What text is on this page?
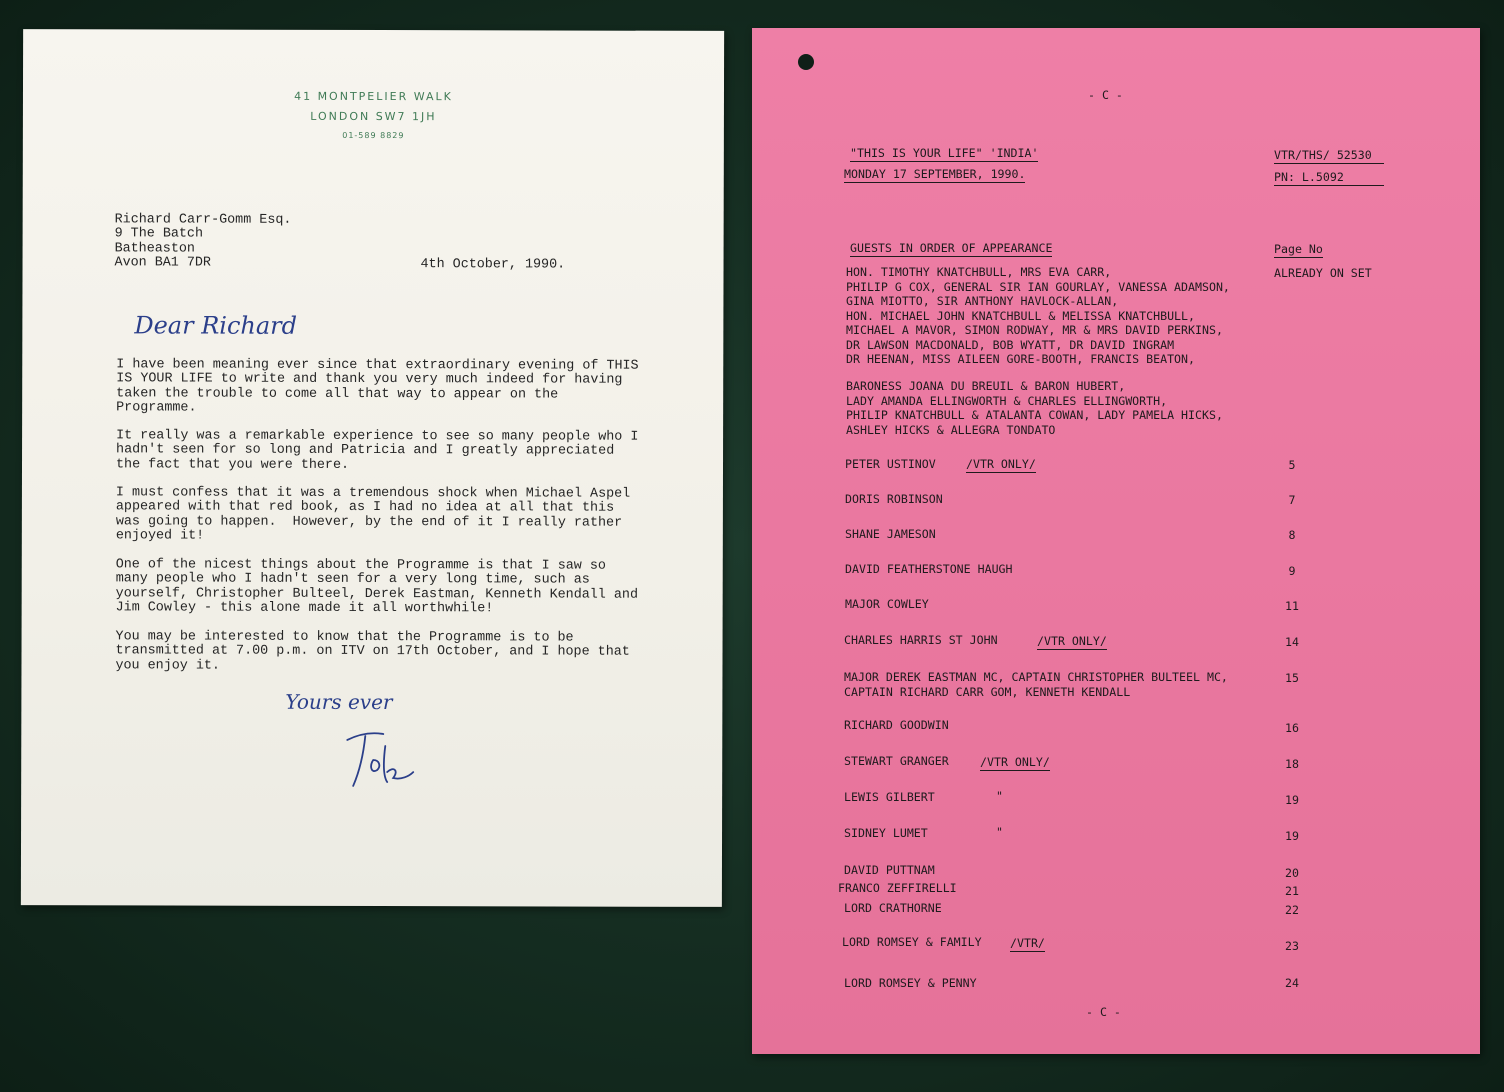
41 MONTPELIER WALK
LONDON SW7 1JH
01-589 8829
Richard Carr-Gomm Esq.
9 The Batch
Batheaston
Avon BA1 7DR	4th October, 1990.
Dear Richard
I have been meaning ever since that extraordinary evening of THIS
IS YOUR LIFE to write and thank you very much indeed for having
taken the trouble to come all that way to appear on the
Programme.
It really was a remarkable experience to see so many people who I
hadn't seen for so long and Patricia and I greatly appreciated
the fact that you were there.
I must confess that it was a tremendous shock when Michael Aspel
appeared with that red book, as I had no idea at all that this
was going to happen.  However, by the end of it I really rather
enjoyed it!
One of the nicest things about the Programme is that I saw so
many people who I hadn't seen for a very long time, such as
yourself, Christopher Bulteel, Derek Eastman, Kenneth Kendall and
Jim Cowley - this alone made it all worthwhile!
You may be interested to know that the Programme is to be
transmitted at 7.00 p.m. on ITV on 17th October, and I hope that
you enjoy it.
Yours ever
- C -
"THIS IS YOUR LIFE" 'INDIA'
MONDAY 17 SEPTEMBER, 1990.
VTR/THS/ 52530
PN: L.5092
GUESTS IN ORDER OF APPEARANCE	Page No
ALREADY ON SET
HON. TIMOTHY KNATCHBULL, MRS EVA CARR,
PHILIP G COX, GENERAL SIR IAN GOURLAY, VANESSA ADAMSON,
GINA MIOTTO, SIR ANTHONY HAVLOCK-ALLAN,
HON. MICHAEL JOHN KNATCHBULL & MELISSA KNATCHBULL,
MICHAEL A MAVOR, SIMON RODWAY, MR & MRS DAVID PERKINS,
DR LAWSON MACDONALD, BOB WYATT, DR DAVID INGRAM
DR HEENAN, MISS AILEEN GORE-BOOTH, FRANCIS BEATON,
BARONESS JOANA DU BREUIL & BARON HUBERT,
LADY AMANDA ELLINGWORTH & CHARLES ELLINGWORTH,
PHILIP KNATCHBULL & ATALANTA COWAN, LADY PAMELA HICKS,
ASHLEY HICKS & ALLEGRA TONDATO
PETER USTINOV	/VTR ONLY/	5
DORIS ROBINSON	7
SHANE JAMESON	8
DAVID FEATHERSTONE HAUGH	9
MAJOR COWLEY	11
CHARLES HARRIS ST JOHN	/VTR ONLY/	14
MAJOR DEREK EASTMAN MC, CAPTAIN CHRISTOPHER BULTEEL MC,
CAPTAIN RICHARD CARR GOM, KENNETH KENDALL
15
RICHARD GOODWIN	16
STEWART GRANGER	/VTR ONLY/	18
LEWIS GILBERT	"	19
SIDNEY LUMET	"	19
DAVID PUTTNAM	20
FRANCO ZEFFIRELLI	21
LORD CRATHORNE	22
LORD ROMSEY & FAMILY /VTR/	23
LORD ROMSEY & PENNY	24
- C -
